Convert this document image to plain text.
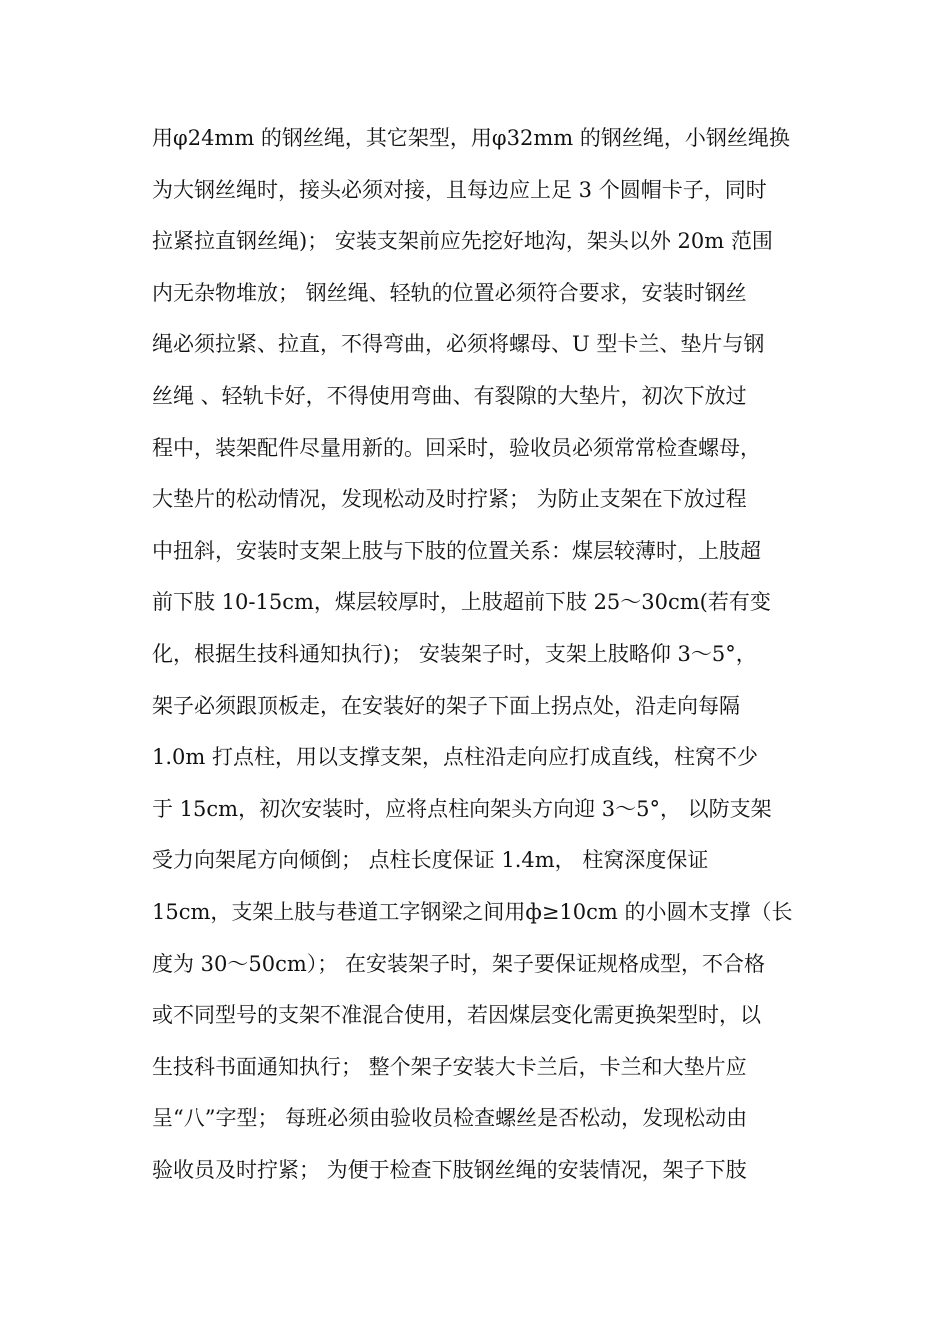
用φ24mm 的钢丝绳，其它架型，用φ32mm 的钢丝绳，小钢丝绳换
为大钢丝绳时，接头必须对接，且每边应上足 3 个圆帽卡子，同时
拉紧拉直钢丝绳)； 安装支架前应先挖好地沟，架头以外 20m 范围
内无杂物堆放； 钢丝绳、轻轨的位置必须符合要求，安装时钢丝
绳必须拉紧、拉直，不得弯曲，必须将螺母、U 型卡兰、垫片与钢
丝绳 、轻轨卡好，不得使用弯曲、有裂隙的大垫片，初次下放过
程中，装架配件尽量用新的。回采时，验收员必须常常检查螺母，
大垫片的松动情况，发现松动及时拧紧； 为防止支架在下放过程
中扭斜，安装时支架上肢与下肢的位置关系：煤层较薄时，上肢超
前下肢 10-15cm，煤层较厚时，上肢超前下肢 25～30cm(若有变
化，根据生技科通知执行)； 安装架子时，支架上肢略仰 3～5°，
架子必须跟顶板走，在安装好的架子下面上拐点处，沿走向每隔
1.0m 打点柱，用以支撑支架，点柱沿走向应打成直线，柱窝不少
于 15cm，初次安装时，应将点柱向架头方向迎 3～5°， 以防支架
受力向架尾方向倾倒； 点柱长度保证 1.4m， 柱窝深度保证
15cm，支架上肢与巷道工字钢梁之间用ф≥10cm 的小圆木支撑（长
度为 30～50cm）； 在安装架子时，架子要保证规格成型，不合格
或不同型号的支架不准混合使用，若因煤层变化需更换架型时，以
生技科书面通知执行； 整个架子安装大卡兰后，卡兰和大垫片应
呈“八”字型； 每班必须由验收员检查螺丝是否松动，发现松动由
验收员及时拧紧； 为便于检查下肢钢丝绳的安装情况，架子下肢
